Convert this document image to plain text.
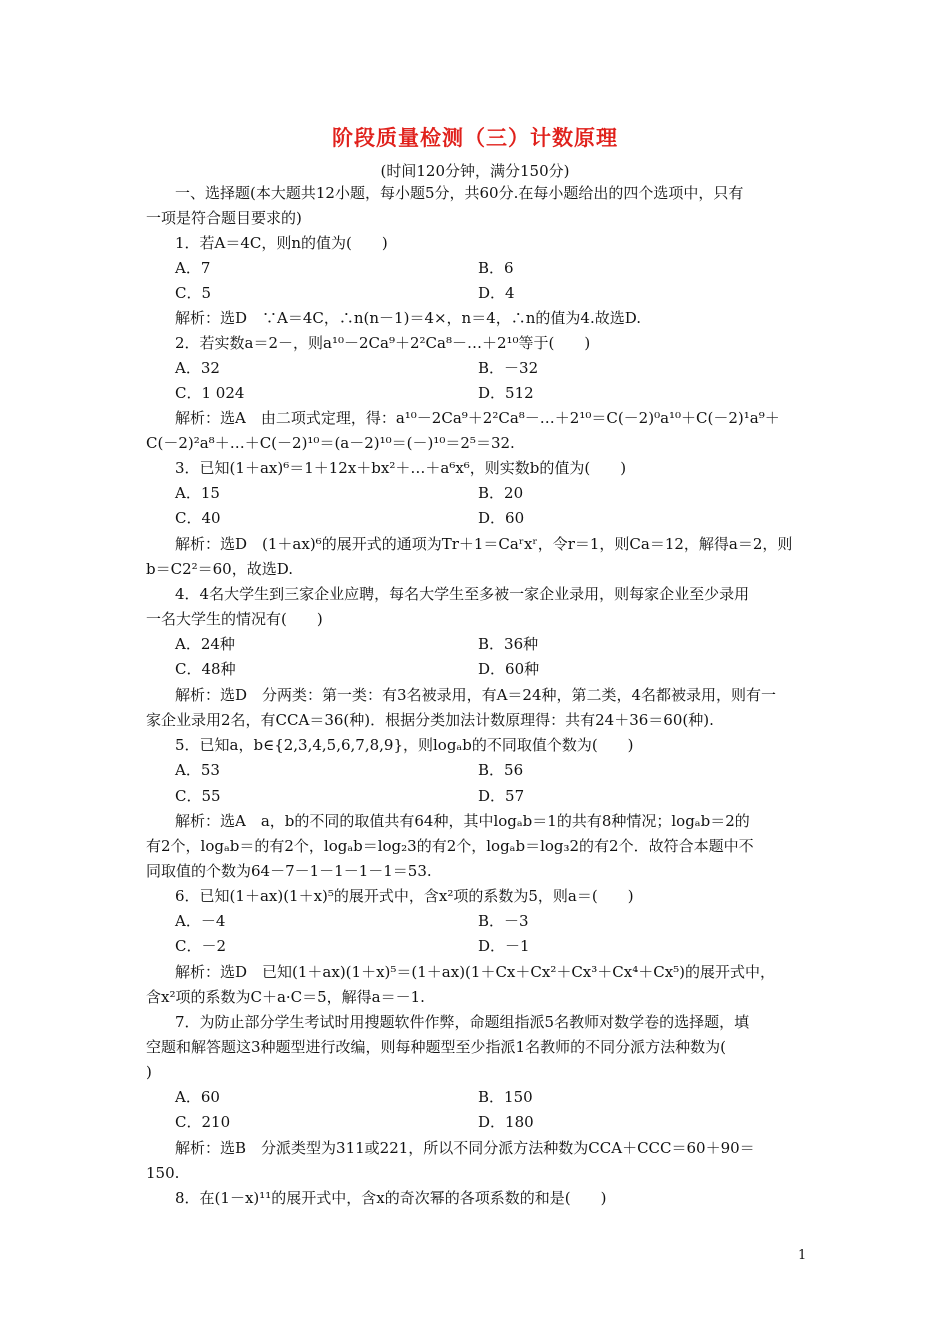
阶段质量检测（三）计数原理
(时间120分钟，满分150分)
一、选择题(本大题共12小题，每小题5分，共60分.在每小题给出的四个选项中，只有
一项是符合题目要求的)
1．若A＝4C，则n的值为(　　)
A．7	B．6
C．5	D．4
解析：选D　∵A＝4C，∴n(n－1)＝4×，n＝4，∴n的值为4.故选D.
2．若实数a＝2－，则a¹⁰－2Ca⁹＋2²Ca⁸－…＋2¹⁰等于(　　)
A．32	B．－32
C．1 024	D．512
解析：选A　由二项式定理，得：a¹⁰－2Ca⁹＋2²Ca⁸－…＋2¹⁰＝C(－2)⁰a¹⁰＋C(－2)¹a⁹＋
C(－2)²a⁸＋…＋C(－2)¹⁰＝(a－2)¹⁰＝(－)¹⁰＝2⁵＝32.
3．已知(1＋ax)⁶＝1＋12x＋bx²＋…＋a⁶x⁶，则实数b的值为(　　)
A．15	B．20
C．40	D．60
解析：选D　(1＋ax)⁶的展开式的通项为Tr＋1＝Caʳxʳ，令r＝1，则Ca＝12，解得a＝2，则
b＝C2²＝60，故选D.
4．4名大学生到三家企业应聘，每名大学生至多被一家企业录用，则每家企业至少录用
一名大学生的情况有(　　)
A．24种	B．36种
C．48种	D．60种
解析：选D　分两类：第一类：有3名被录用，有A＝24种，第二类，4名都被录用，则有一
家企业录用2名，有CCA＝36(种)．根据分类加法计数原理得：共有24＋36＝60(种).
5．已知a，b∈{2,3,4,5,6,7,8,9}，则logₐb的不同取值个数为(　　)
A．53	B．56
C．55	D．57
解析：选A　a，b的不同的取值共有64种，其中logₐb＝1的共有8种情况；logₐb＝2的
有2个，logₐb＝的有2个，logₐb＝log₂3的有2个，logₐb＝log₃2的有2个．故符合本题中不
同取值的个数为64－7－1－1－1－1＝53.
6．已知(1＋ax)(1＋x)⁵的展开式中，含x²项的系数为5，则a＝(　　)
A．－4	B．－3
C．－2	D．－1
解析：选D　已知(1＋ax)(1＋x)⁵＝(1＋ax)(1＋Cx＋Cx²＋Cx³＋Cx⁴＋Cx⁵)的展开式中，
含x²项的系数为C＋a·C＝5，解得a＝－1.
7．为防止部分学生考试时用搜题软件作弊，命题组指派5名教师对数学卷的选择题，填
空题和解答题这3种题型进行改编，则每种题型至少指派1名教师的不同分派方法种数为(
)
A．60	B．150
C．210	D．180
解析：选B　分派类型为311或221，所以不同分派方法种数为CCA＋CCC＝60＋90＝
150.
8．在(1－x)¹¹的展开式中，含x的奇次幂的各项系数的和是(　　)
1
